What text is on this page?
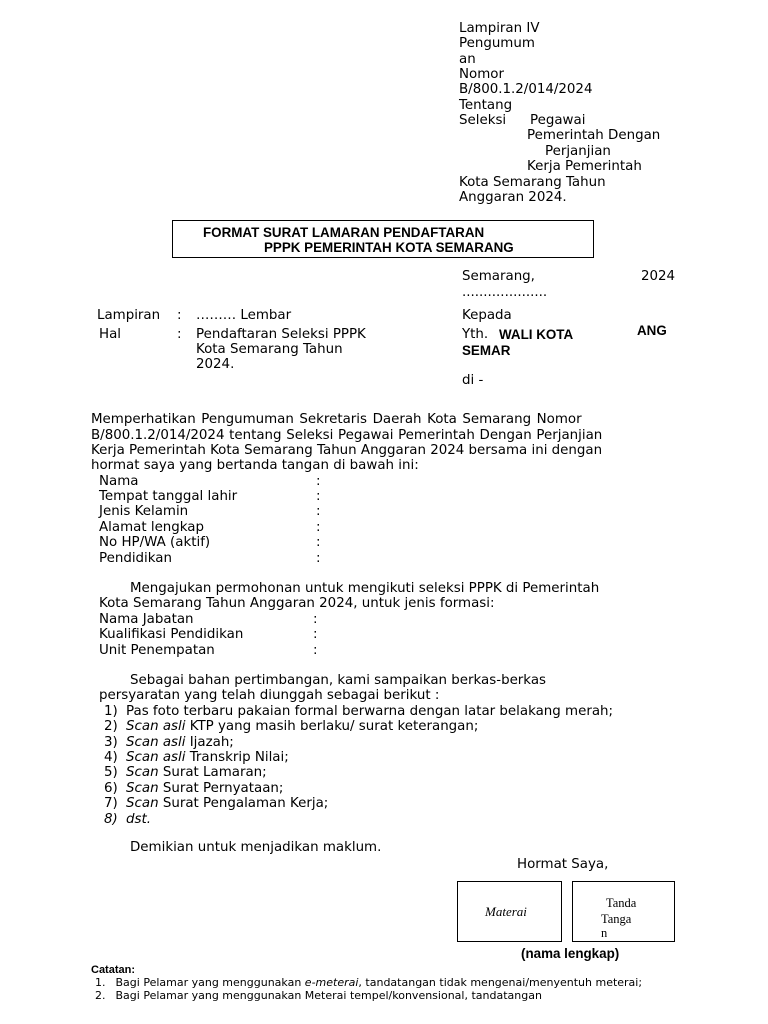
Lampiran IV
Pengumum
an
Nomor
B/800.1.2/014/2024
Tentang
Seleksi Pegawai
Pemerintah Dengan
Perjanjian
Kerja Pemerintah
Kota Semarang Tahun
Anggaran 2024.
FORMAT SURAT LAMARAN PENDAFTARAN
PPPK PEMERINTAH KOTA SEMARANG
Semarang,	2024
....................
Lampiran : ……… Lembar
Hal	: Pendaftaran Seleksi PPPK
Kota Semarang Tahun
2024.
Kepada
Yth. WALI KOTA	ANG
SEMAR
di -
Memperhatikan Pengumuman Sekretaris Daerah Kota Semarang Nomor
B/800.1.2/014/2024 tentang Seleksi Pegawai Pemerintah Dengan Perjanjian
Kerja Pemerintah Kota Semarang Tahun Anggaran 2024 bersama ini dengan
hormat saya yang bertanda tangan di bawah ini:
Nama	:
Tempat tanggal lahir	:
Jenis Kelamin	:
Alamat lengkap	:
No HP/WA (aktif)	:
Pendidikan	:
Mengajukan permohonan untuk mengikuti seleksi PPPK di Pemerintah
Kota Semarang Tahun Anggaran 2024, untuk jenis formasi:
Nama Jabatan	:
Kualifikasi Pendidikan	:
Unit Penempatan	:
Sebagai bahan pertimbangan, kami sampaikan berkas-berkas
persyaratan yang telah diunggah sebagai berikut :
1) Pas foto terbaru pakaian formal berwarna dengan latar belakang merah;
2) Scan asli KTP yang masih berlaku/ surat keterangan;
3) Scan asli Ijazah;
4) Scan asli Transkrip Nilai;
5) Scan Surat Lamaran;
6) Scan Surat Pernyataan;
7) Scan Surat Pengalaman Kerja;
8) dst.
Demikian untuk menjadikan maklum.
Hormat Saya,
Materai
Tanda
Tanga
n
(nama lengkap)
Catatan:
1. Bagi Pelamar yang menggunakan e-meterai, tandatangan tidak mengenai/menyentuh meterai;
2. Bagi Pelamar yang menggunakan Meterai tempel/konvensional, tandatangan
